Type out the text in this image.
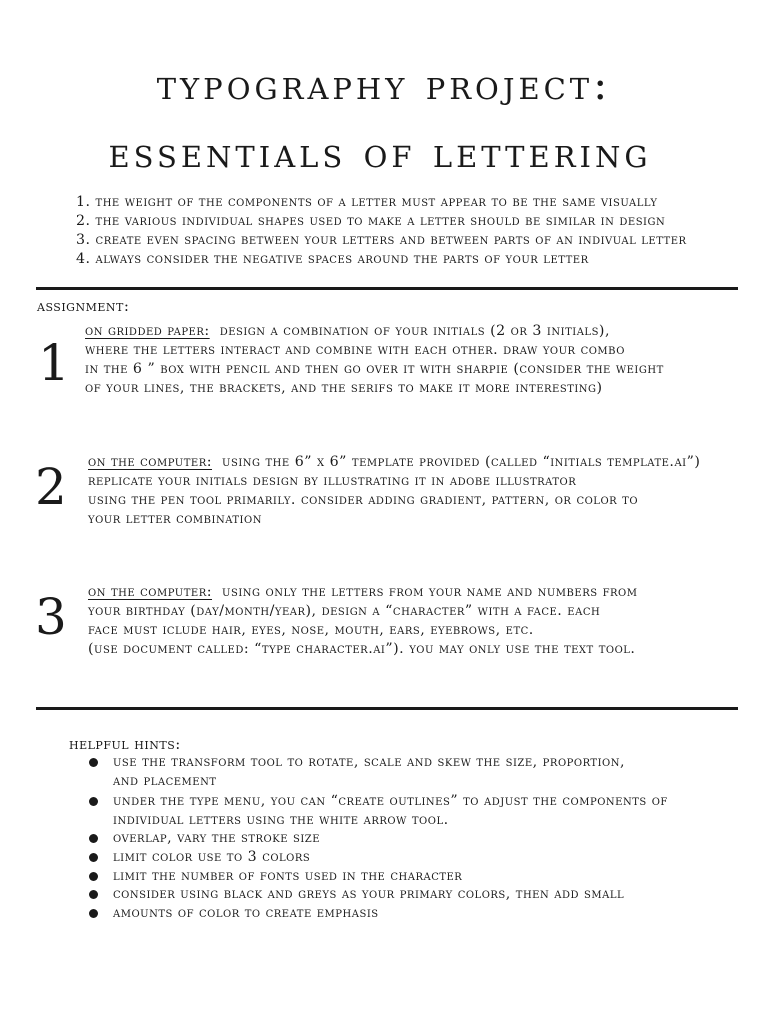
typography project:
essentials of lettering
1. the weight of the components of a letter must appear to be the same visually
2. the various individual shapes used to make a letter should be similar in design
3. create even spacing between your letters and between parts of an indivual letter
4. always consider the negative spaces around the parts of your letter
assignment:
1
on gridded paper:  design a combination of your initials (2 or 3 initials),
where the letters interact and combine with each other. draw your combo
in the 6 ” box with pencil and then go over it with sharpie (consider the weight
of your lines, the brackets, and the serifs to make it more interesting)
2 on the computer:  using the 6” x 6” template provided (called “initials template.ai”)
replicate your initials design by illustrating it in adobe illustrator
using the pen tool primarily. consider adding gradient, pattern, or color to
your letter combination
3 on the computer:  using only the letters from your name and numbers from
your birthday (day/month/year), design a “character” with a face. each
face must iclude hair, eyes, nose, mouth, ears, eyebrows, etc.
(use document called: “type character.ai”). you may only use the text tool.
helpful hints:
use the transform tool to rotate, scale and skew the size, proportion,
and placement
under the type menu, you can “create outlines” to adjust the components of
individual letters using the white arrow tool.
overlap, vary the stroke size
limit color use to 3 colors
limit the number of fonts used in the character
consider using black and greys as your primary colors, then add small
amounts of color to create emphasis
